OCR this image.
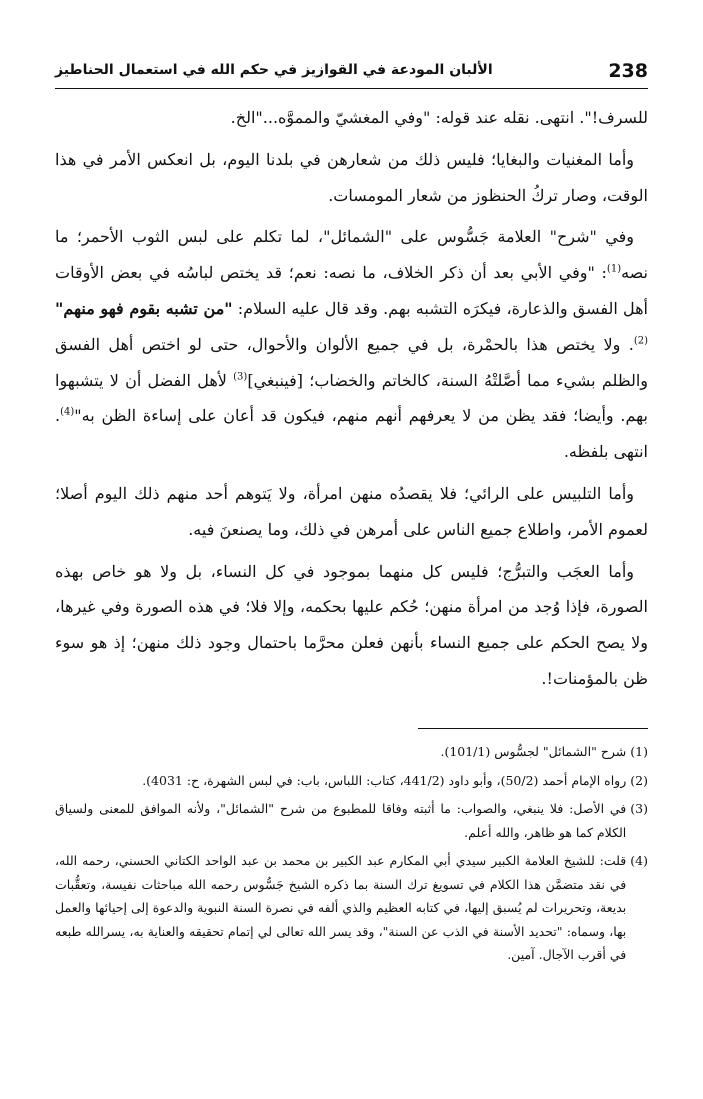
238
الألبان المودعة في القوازيز في حكم الله في استعمال الحناطيز

للسرف!". انتهى. نقله عند قوله: "وفي المغشيّ والمموَّه..."الخ.

وأما المغنيات والبغايا؛ فليس ذلك من شعارهن في بلدنا اليوم، بل انعكس الأمر في هذا الوقت، وصار تركُ الحنظوز من شعار المومسات.

وفي "شرح" العلامة جَسُّوس على "الشمائل"، لما تكلم على لبس الثوب الأحمر؛ ما نصه$^{(1)}$: "وفي الأبي بعد أن ذكر الخلاف، ما نصه: نعم؛ قد يختص لباسُه في بعض الأوقات أهل الفسق والذعارة، فيكرَه التشبه بهم. وقد قال عليه السلام: "من تشبه بقوم فهو منهم"$^{(2)}$. ولا يختص هذا بالحمْرة، بل في جميع الألوان والأحوال، حتى لو اختص أهل الفسق والظلم بشيء مما أصَّلتْهُ السنة، كالخاتم والخضاب؛ [فينبغي]$^{(3)}$ لأهل الفضل أن لا يتشبهوا بهم. وأيضا؛ فقد يظن من لا يعرفهم أنهم منهم، فيكون قد أعان على إساءة الظن به"$^{(4)}$. انتهى بلفظه.

وأما التلبيس على الرائي؛ فلا يقصدُه منهن امرأة، ولا يَتوهم أحد منهم ذلك اليوم أصلا؛ لعموم الأمر، واطلاع جميع الناس على أمرهن في ذلك، وما يصنعنَ فيه.

وأما العجَب والتبرُّج؛ فليس كل منهما بموجود في كل النساء، بل ولا هو خاص بهذه الصورة، فإذا وُجد من امرأة منهن؛ حُكم عليها بحكمه، وإلا فلا؛ في هذه الصورة وفي غيرها، ولا يصح الحكم على جميع النساء بأنهن فعلن محرَّما باحتمال وجود ذلك منهن؛ إذ هو سوء ظن بالمؤمنات!.

(1)
شرح "الشمائل" لجسُّوس (101/1).
(2)
رواه الإمام أحمد (50/2)، وأبو داود (441/2، كتاب: اللباس، باب: في لبس الشهرة، ح: 4031).
(3)
في الأصل: فلا ينبغي، والصواب: ما أثبته وفاقا للمطبوع من شرح "الشمائل"، ولأنه الموافق للمعنى ولسياق الكلام كما هو ظاهر، والله أعلم.
(4)
قلت: للشيخ العلامة الكبير سيدي أبي المكارم عبد الكبير بن محمد بن عبد الواحد الكتاني الحسني، رحمه الله، في نقد متضمَّن هذا الكلام في تسويغ ترك السنة بما ذكره الشيخ جَسُّوس رحمه الله مباحثات نفيسة، وتعقُّبات بديعة، وتحريرات لم يُسبق إليها، في كتابه العظيم والذي ألفه في نصرة السنة النبوية والدعوة إلى إحيائها والعمل بها، وسماه: "تحديد الأسنة في الذب عن السنة"، وقد يسر الله تعالى لي إتمام تحقيقه والعناية به، يسرالله طبعه في أقرب الآجال. آمين.
